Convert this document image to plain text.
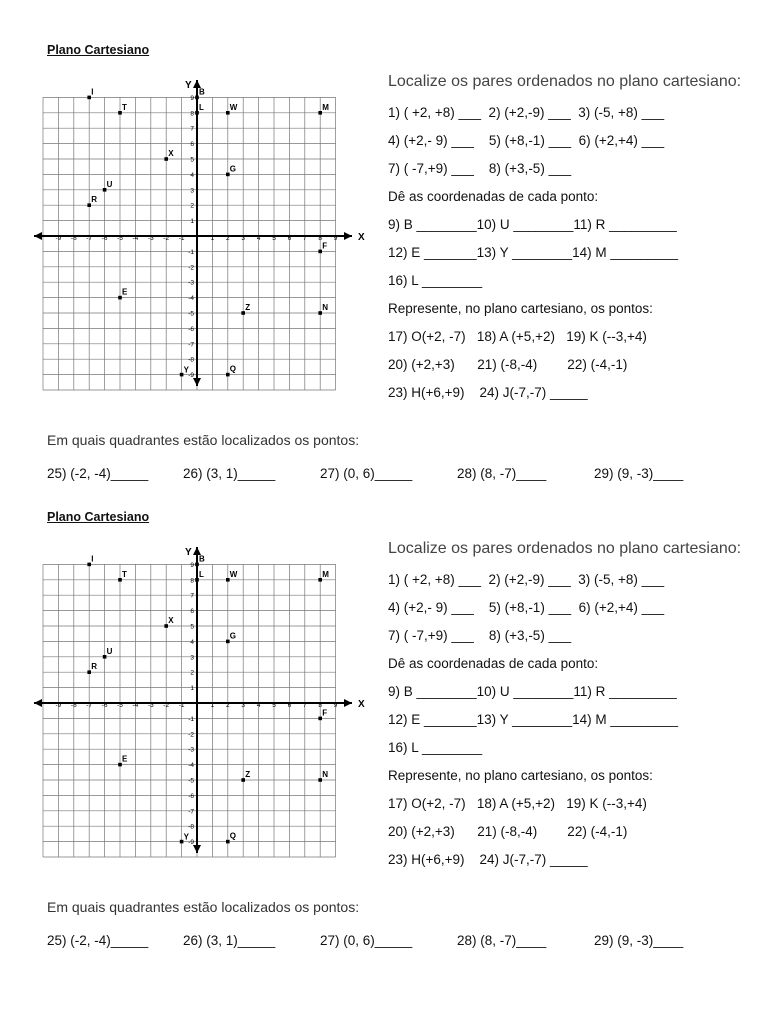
Plano Cartesiano
X
Y
-9 -8 -7 -6 -5 -4 -3 -2 -1	1 2 3 4 5 6 7 8 9
9
8
7
6
5
4
3
2
1
-1
-2
-3
-4
-5
-6
-7
-8
-9
I
T
B
L	W	M
X
G
U
R
F
E
Z	N
Y	Q
Localize os pares ordenados no plano cartesiano:
1) ( +2, +8) ___  2) (+2,-9) ___  3) (-5, +8) ___
4) (+2,- 9) ___    5) (+8,-1) ___  6) (+2,+4) ___
7) ( -7,+9) ___    8) (+3,-5) ___
Dê as coordenadas de cada ponto:
9) B ________10) U ________11) R _________
12) E _______13) Y ________14) M _________
16) L ________
Represente, no plano cartesiano, os pontos:
17) O(+2, -7)   18) A (+5,+2)   19) K (--3,+4)
20) (+2,+3)      21) (-8,-4)        22) (-4,-1)
23) H(+6,+9)    24) J(-7,-7) _____
Em quais quadrantes estão localizados os pontos:
25) (-2, -4)_____	26) (3, 1)_____	27) (0, 6)_____	28) (8, -7)____	29) (9, -3)____
Plano Cartesiano
X
Y
-9 -8 -7 -6 -5 -4 -3 -2 -1	1 2 3 4 5 6 7 8 9
9
8
7
6
5
4
3
2
1
-1
-2
-3
-4
-5
-6
-7
-8
-9
I
T
B
L	W	M
X
G
U
R
F
E
Z	N
Y	Q
Localize os pares ordenados no plano cartesiano:
1) ( +2, +8) ___  2) (+2,-9) ___  3) (-5, +8) ___
4) (+2,- 9) ___    5) (+8,-1) ___  6) (+2,+4) ___
7) ( -7,+9) ___    8) (+3,-5) ___
Dê as coordenadas de cada ponto:
9) B ________10) U ________11) R _________
12) E _______13) Y ________14) M _________
16) L ________
Represente, no plano cartesiano, os pontos:
17) O(+2, -7)   18) A (+5,+2)   19) K (--3,+4)
20) (+2,+3)      21) (-8,-4)        22) (-4,-1)
23) H(+6,+9)    24) J(-7,-7) _____
Em quais quadrantes estão localizados os pontos:
25) (-2, -4)_____	26) (3, 1)_____	27) (0, 6)_____	28) (8, -7)____	29) (9, -3)____
